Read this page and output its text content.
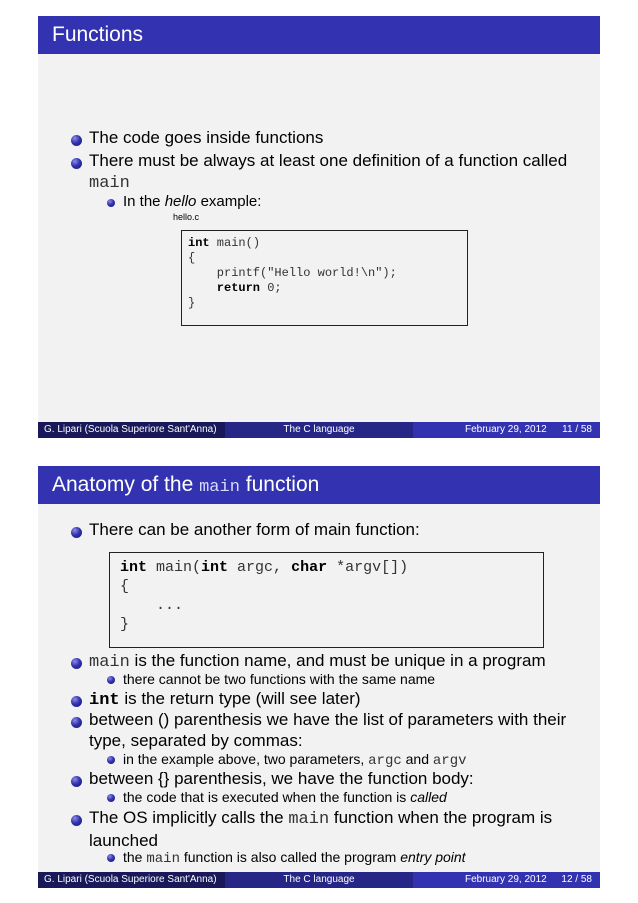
Functions
The code goes inside functions
There must be always at least one definition of a function called
main
In the hello example:
hello.c
int main()
{
printf("Hello world!\n");
return 0;
}
G. Lipari (Scuola Superiore Sant'Anna)	The C language	February 29, 2012 11 / 58
Anatomy of the main function
There can be another form of main function:
int main(int argc, char *argv[])
{
...
}
main is the function name, and must be unique in a program
there cannot be two functions with the same name
int is the return type (will see later)
between () parenthesis we have the list of parameters with their
type, separated by commas:
in the example above, two parameters, argc and argv
between {} parenthesis, we have the function body:
the code that is executed when the function is called
The OS implicitly calls the main function when the program is
launched
the main function is also called the program entry point
G. Lipari (Scuola Superiore Sant'Anna)	The C language	February 29, 2012 12 / 58
